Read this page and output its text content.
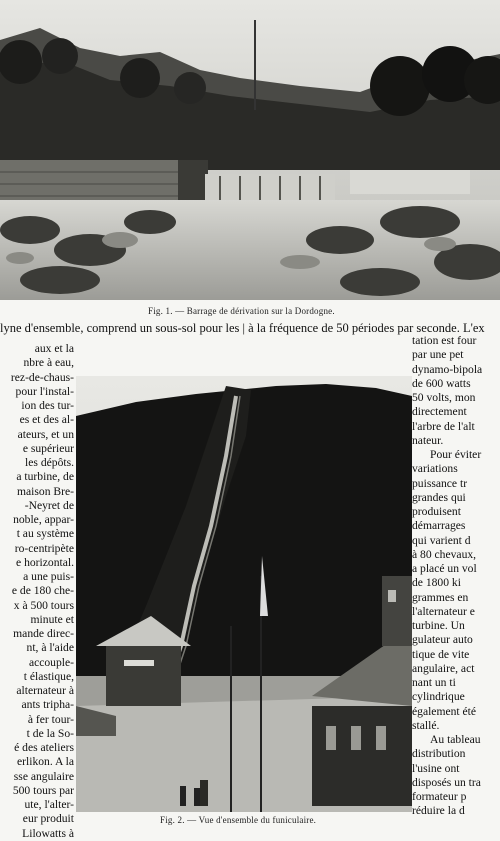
Fig. 1. — Barrage de dérivation sur la Dordogne.
lyne d'ensemble, comprend un sous-sol pour les | à la fréquence de 50 périodes par seconde. L'ex
aux et la
nbre à eau,
rez-de-chaus-
pour l'instal-
ion des tur-
es et des al-
ateurs, et un
e supérieur
les dépôts.
a turbine, de
maison Bre-
-Neyret de
noble, appar-
t au système
ro-centripète
e horizontal.
a une puis-
e de 180 che-
x à 500 tours
minute et
mande direc-
nt, à l'aide
accouple-
t élastique,
alternateur à
ants tripha-
à fer tour-
t de la So-
é des ateliers
erlikon. A la
sse angulaire
500 tours par
ute, l'alter-
eur produit
Lilowatts à
tation est four
par une pet
dynamo-bipola
de 600 watts
50 volts, mon
directement
l'arbre de l'alt
nateur.
Pour éviter
variations
puissance tr
grandes qui
produisent
démarrages
qui varient d
à 80 chevaux,
a placé un vol
de 1800 ki
grammes en
l'alternateur e
turbine. Un
gulateur auto
tique de vite
angulaire, act
nant un ti
cylindrique
également été
stallé.
Au tableau
distribution
l'usine ont
disposés un tra
formateur p
réduire la d
Fig. 2. — Vue d'ensemble du funiculaire.
